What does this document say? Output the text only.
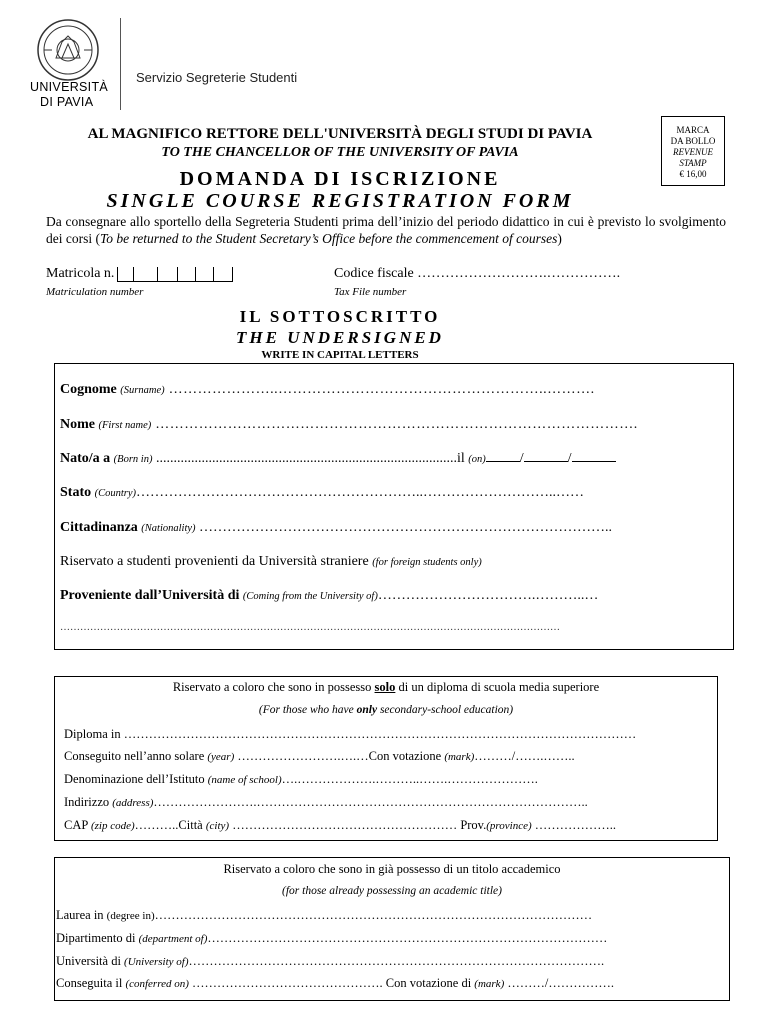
UNIVERSITÀ
DI PAVIA
Servizio Segreterie Studenti
MARCA
DA BOLLO
REVENUE
STAMP
€ 16,00
AL MAGNIFICO RETTORE DELL'UNIVERSITÀ DEGLI STUDI DI PAVIA
TO THE CHANCELLOR OF THE UNIVERSITY OF PAVIA
DOMANDA DI ISCRIZIONE
SINGLE COURSE REGISTRATION FORM
Da consegnare allo sportello della Segreteria Studenti prima dell’inizio del periodo didattico in cui è previsto lo svolgimento dei corsi (To be returned to the Student Secretary’s Office before the commencement of courses)
Matricola n.
Matriculation number
Codice fiscale ……………………….…………….
Tax File number
IL SOTTOSCRITTO
THE UNDERSIGNED
WRITE IN CAPITAL LETTERS
Cognome (Surname) …………………..………………………………………………..……….
Nome (First name) ……………………………………………………………………………………….
Nato/a a (Born in) ......................................................................................il (on) /	/
Stato (Country)……………………………………………………..………………………..……
Cittadinanza (Nationality) ……………………………………………………………………………..
Riservato a studenti provenienti da Università straniere (for foreign students only)
Proveniente dall’Università di (Coming from the University of)…………………………….………..…
……………………………………………………………………………………………………………………………………
Riservato a coloro che sono in possesso solo di un diploma di scuola media superiore
(For those who have only secondary-school education)
Diploma in ……………………………………………………………………………………………………………
Conseguito nell’anno solare (year) …………………….….…Con votazione (mark)………/…….……..
Denominazione dell’Istituto (name of school)….……………….………..…….………………….
Indirizzo (address)…………………….……………………………………………………………………..
CAP (zip code)………..Città (city) ……………………………………………… Prov.(province) ………………..
Riservato a coloro che sono in già possesso di un titolo accademico
(for those already possessing an academic title)
Laurea in (degree in)……………………………………………………………………………………………
Dipartimento di (department of)……………………………………………………………………………………
Università di (University of)……………………………………………………………………………………….
Conseguita il (conferred on) ………………………………………. Con votazione di (mark) ………/…………….
